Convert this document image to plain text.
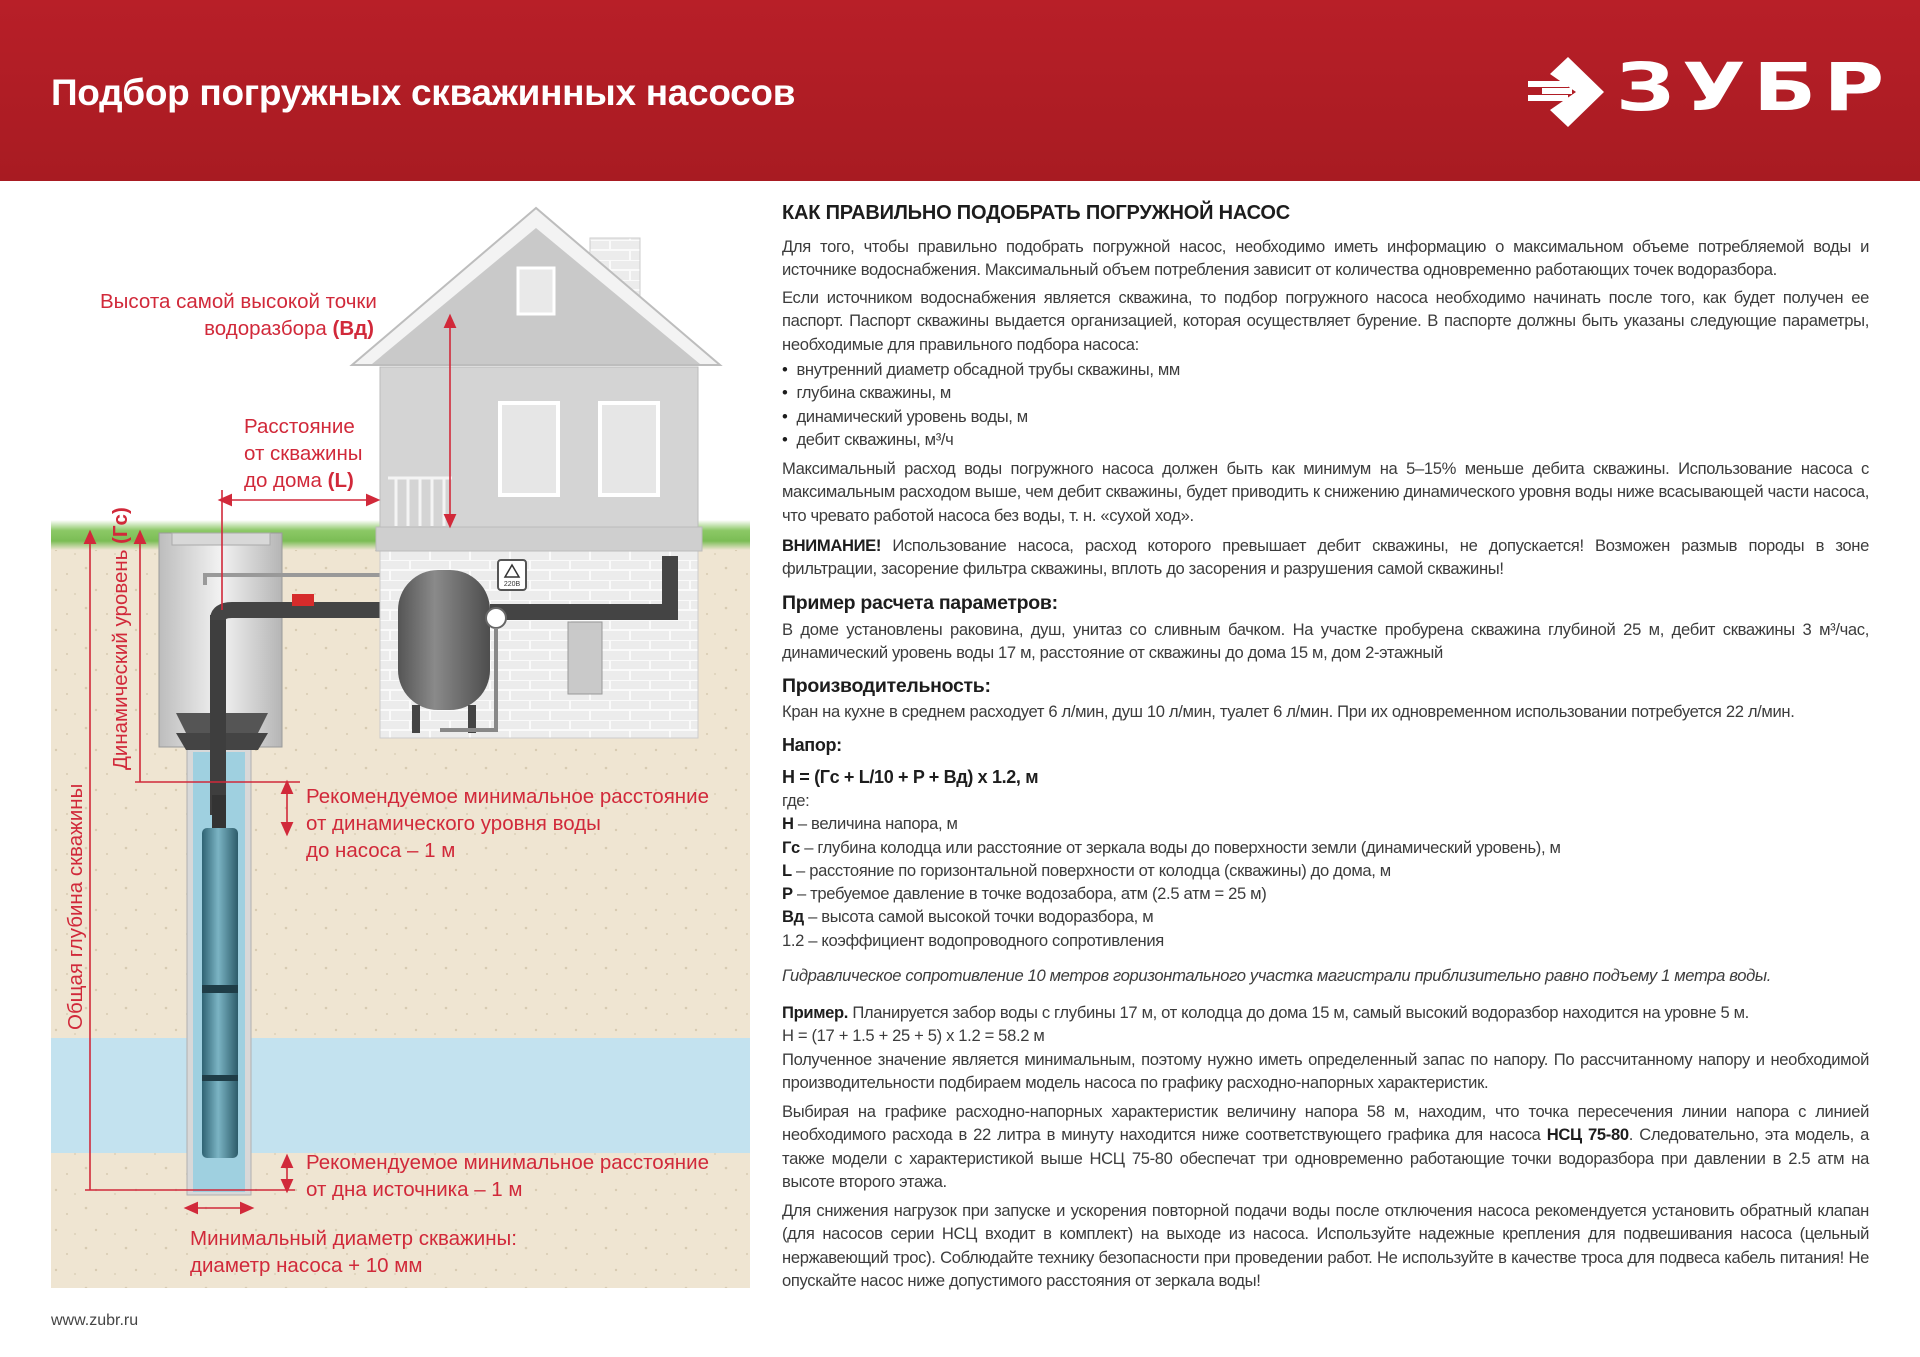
Подбор погружных скважинных насосов	ЗУБР
220В
Динамический уровень (Гс)
Общая глубина скважины
Высота самой высокой точки
водоразбора (Вд)
Расстояние
от скважины
до дома (L)
Рекомендуемое минимальное расстояние
от динамического уровня воды
до насоса – 1 м
Рекомендуемое минимальное расстояние
от дна источника – 1 м
Минимальный диаметр скважины:
диаметр насоса + 10 мм
КАК ПРАВИЛЬНО ПОДОБРАТЬ ПОГРУЖНОЙ НАСОС
Для того, чтобы правильно подобрать погружной насос, необходимо иметь информацию о максимальном объеме потребляемой воды и источнике водоснабжения. Максимальный объем потребления зависит от количества одновременно работающих точек водоразбора.
Если источником водоснабжения является скважина, то подбор погружного насоса необходимо начинать после того, как будет получен ее паспорт. Паспорт скважины выдается организацией, которая осуществляет бурение. В паспорте должны быть указаны следующие параметры, необходимые для правильного подбора насоса:
• внутренний диаметр обсадной трубы скважины, мм
• глубина скважины, м
• динамический уровень воды, м
• дебит скважины, м³/ч
Максимальный расход воды погружного насоса должен быть как минимум на 5–15% меньше дебита скважины. Использование насоса с максимальным расходом выше, чем дебит скважины, будет приводить к снижению динамического уровня воды ниже всасывающей части насоса, что чревато работой насоса без воды, т. н. «сухой ход».
ВНИМАНИЕ! Использование насоса, расход которого превышает дебит скважины, не допускается! Возможен размыв породы в зоне фильтрации, засорение фильтра скважины, вплоть до засорения и разрушения самой скважины!
Пример расчета параметров:
В доме установлены раковина, душ, унитаз со сливным бачком. На участке пробурена скважина глубиной 25 м, дебит скважины 3 м³/час, динамический уровень воды 17 м, расстояние от скважины до дома 15 м, дом 2-этажный
Производительность:
Кран на кухне в среднем расходует 6 л/мин, душ 10 л/мин, туалет 6 л/мин. При их одновременном использовании потребуется 22 л/мин.
Напор:
H = (Гс + L/10 + P + Вд) x 1.2, м
где:
H – величина напора, м
Гс – глубина колодца или расстояние от зеркала воды до поверхности земли (динамический уровень), м
L – расстояние по горизонтальной поверхности от колодца (скважины) до дома, м
P – требуемое давление в точке водозабора, атм (2.5 атм = 25 м)
Вд – высота самой высокой точки водоразбора, м
1.2 – коэффициент водопроводного сопротивления
Гидравлическое сопротивление 10 метров горизонтального участка магистрали приблизительно равно подъему 1 метра воды.
Пример. Планируется забор воды с глубины 17 м, от колодца до дома 15 м, самый высокий водоразбор находится на уровне 5 м.
H = (17 + 1.5 + 25 + 5) x 1.2 = 58.2 м
Полученное значение является минимальным, поэтому нужно иметь определенный запас по напору. По рассчитанному напору и необходимой производительности подбираем модель насоса по графику расходно-напорных характеристик.
Выбирая на графике расходно-напорных характеристик величину напора 58 м, находим, что точка пересечения линии напора с линией необходимого расхода в 22 литра в минуту находится ниже соответствующего графика для насоса НСЦ 75-80. Следовательно, эта модель, а также модели с характеристикой выше НСЦ 75-80 обеспечат три одновременно работающие точки водоразбора при давлении в 2.5 атм на высоте второго этажа.
Для снижения нагрузок при запуске и ускорения повторной подачи воды после отключения насоса рекомендуется установить обратный клапан (для насосов серии НСЦ входит в комплект) на выходе из насоса. Используйте надежные крепления для подвешивания насоса (цельный нержавеющий трос). Соблюдайте технику безопасности при проведении работ. Не используйте в качестве троса для подвеса кабель питания! Не опускайте насос ниже допустимого расстояния от зеркала воды!
www.zubr.ru
